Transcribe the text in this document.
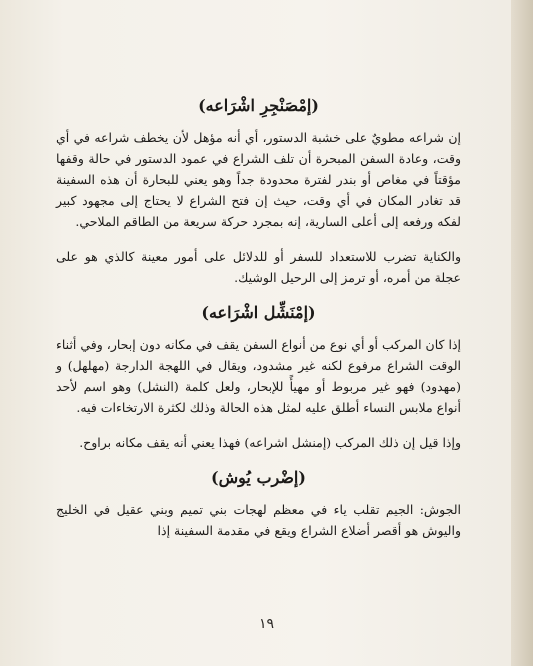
(إمْصَنْجِرِ اشْرَاعه)

إن شراعه مطويٌ على خشبة الدستور، أي أنه مؤهل لأن يخطف شراعه في أي وقت، وعادة السفن المبحرة أن تلف الشراع في عمود الدستور في حالة وقفها مؤقتاً في مغاص أو بندر لفترة محدودة جداً وهو يعني للبحارة أن هذه السفينة قد تغادر المكان في أي وقت، حيث إن فتح الشراع لا يحتاج إلى مجهود كبير لفكه ورفعه إلى أعلى السارية، إنه بمجرد حركة سريعة من الطاقم الملاحي.

والكناية تضرب للاستعداد للسفر أو للدلائل على أمور معينة كالذي هو على عجلة من أمره، أو ترمز إلى الرحيل الوشيك.

(إمْنَشِّل اشْرَاعه)

إذا كان المركب أو أي نوع من أنواع السفن يقف في مكانه دون إبحار، وفي أثناء الوقت الشراع مرفوع لكنه غير مشدود، ويقال في اللهجة الدارجة (مهلهل) و (مهدود) فهو غير مربوط أو مهيأً للإبحار، ولعل كلمة (النشل) وهو اسم لأحد أنواع ملابس النساء أطلق عليه لمثل هذه الحالة وذلك لكثرة الارتخاءات فيه.

وإذا قيل إن ذلك المركب (إمنشل اشراعه) فهذا يعني أنه يقف مكانه براوح.

(إضْرب يُوش)

الجوش: الجيم تقلب ياء في معظم لهجات بني تميم وبني عقيل في الخليج واليوش هو أقصر أضلاع الشراع ويقع في مقدمة السفينة إذا

١٩
